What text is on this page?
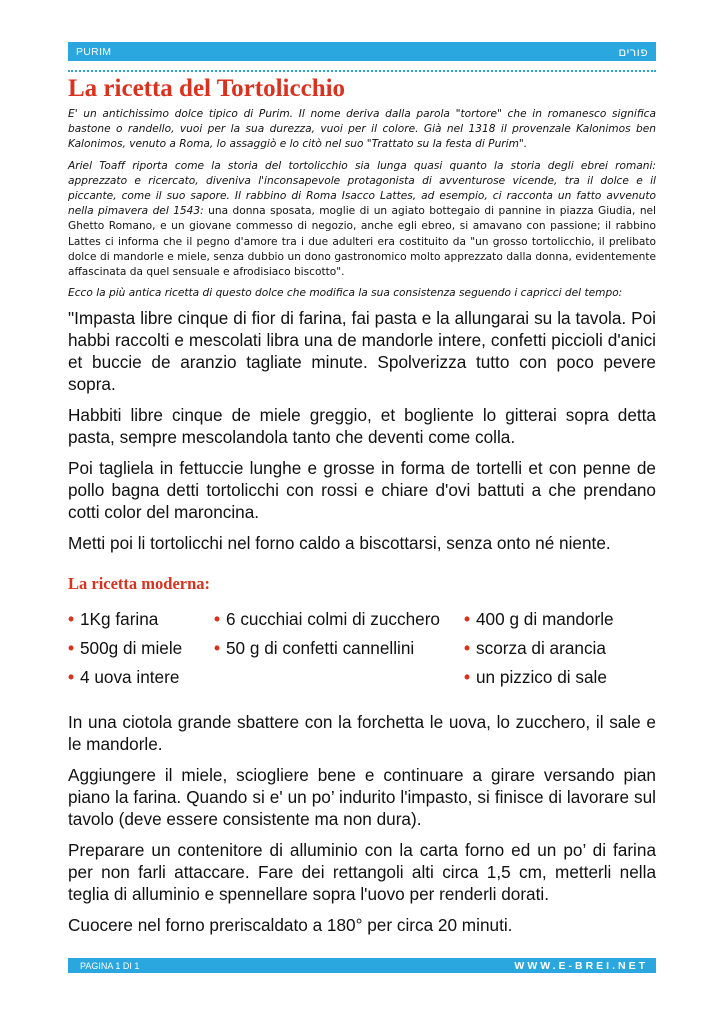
PURIM	פורים
La ricetta del Tortolicchio

E' un antichissimo dolce tipico di Purim. Il nome deriva dalla parola "tortore" che in romanesco significa bastone o randello, vuoi per la sua durezza, vuoi per il colore. Già nel 1318 il provenzale Kalonimos ben Kalonimos, venuto a Roma, lo assaggiò e lo citò nel suo "Trattato su la festa di Purim".

Ariel Toaff riporta come la storia del tortolicchio sia lunga quasi quanto la storia degli ebrei romani: apprezzato e ricercato, diveniva l'inconsapevole protagonista di avventurose vicende, tra il dolce e il piccante, come il suo sapore. Il rabbino di Roma Isacco Lattes, ad esempio, ci racconta un fatto avvenuto nella pimavera del 1543: una donna sposata, moglie di un agiato bottegaio di pannine in piazza Giudia, nel Ghetto Romano, e un giovane commesso di negozio, anche egli ebreo, si amavano con passione; il rabbino Lattes ci informa che il pegno d'amore tra i due adulteri era costituito da "un grosso tortolicchio, il prelibato dolce di mandorle e miele, senza dubbio un dono gastronomico molto apprezzato dalla donna, evidentemente affascinata da quel sensuale e afrodisiaco biscotto".

Ecco la più antica ricetta di questo dolce che modifica la sua consistenza seguendo i capricci del tempo:

"Impasta libre cinque di fior di farina, fai pasta e la allungarai su la tavola. Poi habbi raccolti e mescolati libra una de mandorle intere, confetti piccioli d'anici et buccie de aranzio tagliate minute. Spolverizza tutto con poco pevere sopra.

Habbiti libre cinque de miele greggio, et bogliente lo gitterai sopra detta pasta, sempre mescolandola tanto che deventi come colla.

Poi tagliela in fettuccie lunghe e grosse in forma de tortelli et con penne de pollo bagna detti tortolicchi con rossi e chiare d'ovi battuti a che prendano cotti color del maroncina.

Metti poi li tortolicchi nel forno caldo a biscottarsi, senza onto né niente.

La ricetta moderna:
• 1Kg farina
• 500g di miele
• 4 uova intere
• 6 cucchiai colmi di zucchero
• 50 g di confetti cannellini
• 400 g di mandorle
• scorza di arancia
• un pizzico di sale

In una ciotola grande sbattere con la forchetta le uova, lo zucchero, il sale e le mandorle.

Aggiungere il miele, sciogliere bene e continuare a girare versando pian piano la farina. Quando si e' un po’ indurito l'impasto, si finisce di lavorare sul tavolo (deve essere consistente ma non dura).

Preparare un contenitore di alluminio con la carta forno ed un po’ di farina per non farli attaccare. Fare dei rettangoli alti circa 1,5 cm, metterli nella teglia di alluminio e spennellare sopra l'uovo per renderli dorati.

Cuocere nel forno preriscaldato a 180° per circa 20 minuti.

PAGINA 1 DI 1	WWW.E-BREI.NET
